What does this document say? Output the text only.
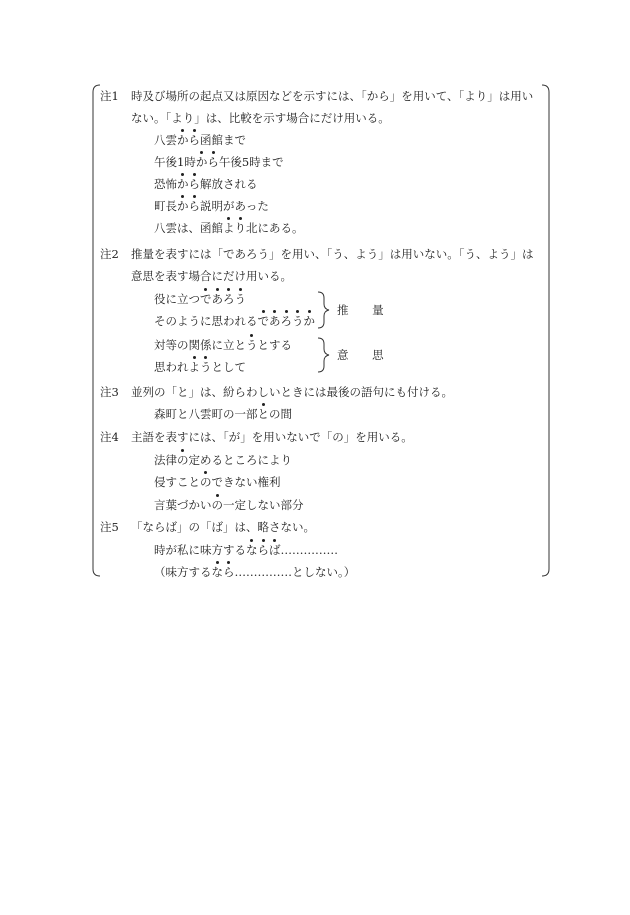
注1 時及び場所の起点又は原因などを示すには、「から」を用いて、「より」は用い
ない。「より」は、比較を示す場合にだけ用いる。
八雲から函館まで
午後1時から午後5時まで
恐怖から解放される
町長から説明があった
八雲は、函館より北にある。
注2 推量を表すには「であろう」を用い、「う、よう」は用いない。「う、よう」は
意思を表す場合にだけ用いる。
役に立つであろう
そのように思われるであろうか
対等の関係に立とうとする
思われようとして
推 量
意 思
注3 並列の「と」は、紛らわしいときには最後の語句にも付ける。
森町と八雲町の一部との間
注4 主語を表すには、「が」を用いないで「の」を用いる。
法律の定めるところにより
侵すことのできない権利
言葉づかいの一定しない部分
注5 「ならば」の「ば」は、略さない。
時が私に味方するならば……………
（味方するなら……………としない。）
